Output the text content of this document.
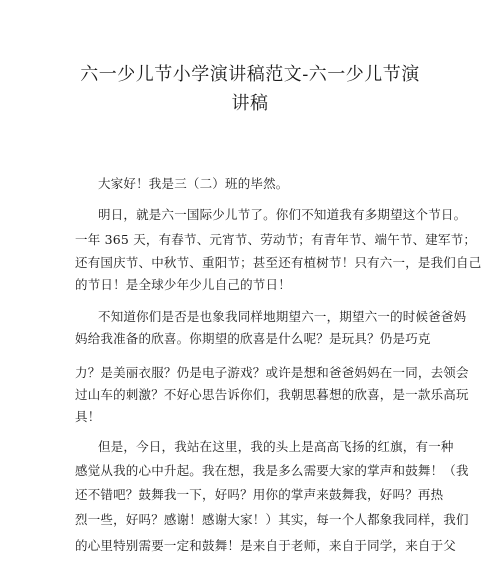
六一少儿节小学演讲稿范文-六一少儿节演
讲稿
大家好！我是三（二）班的毕然。
明日，就是六一国际少儿节了。你们不知道我有多期望这个节日。
一年 365 天，有春节、元宵节、劳动节；有青年节、端午节、建军节；
还有国庆节、中秋节、重阳节；甚至还有植树节！只有六一，是我们自己
的节日！是全球少年少儿自己的节日！
不知道你们是否是也象我同样地期望六一，期望六一的时候爸爸妈
妈给我准备的欣喜。你期望的欣喜是什么呢？是玩具？仍是巧克
力？是美丽衣服？仍是电子游戏？或许是想和爸爸妈妈在一同，去领会
过山车的刺激？不好心思告诉你们，我朝思暮想的欣喜，是一款乐高玩
具！
但是，今日，我站在这里，我的头上是高高飞扬的红旗，有一种
感觉从我的心中升起。我在想，我是多么需要大家的掌声和鼓舞！（我
还不错吧？鼓舞我一下，好吗？用你的掌声来鼓舞我，好吗？再热
烈一些，好吗？感谢！感谢大家！）其实，每一个人都象我同样，我们
的心里特别需要一定和鼓舞！是来自于老师，来自于同学，来自于父
